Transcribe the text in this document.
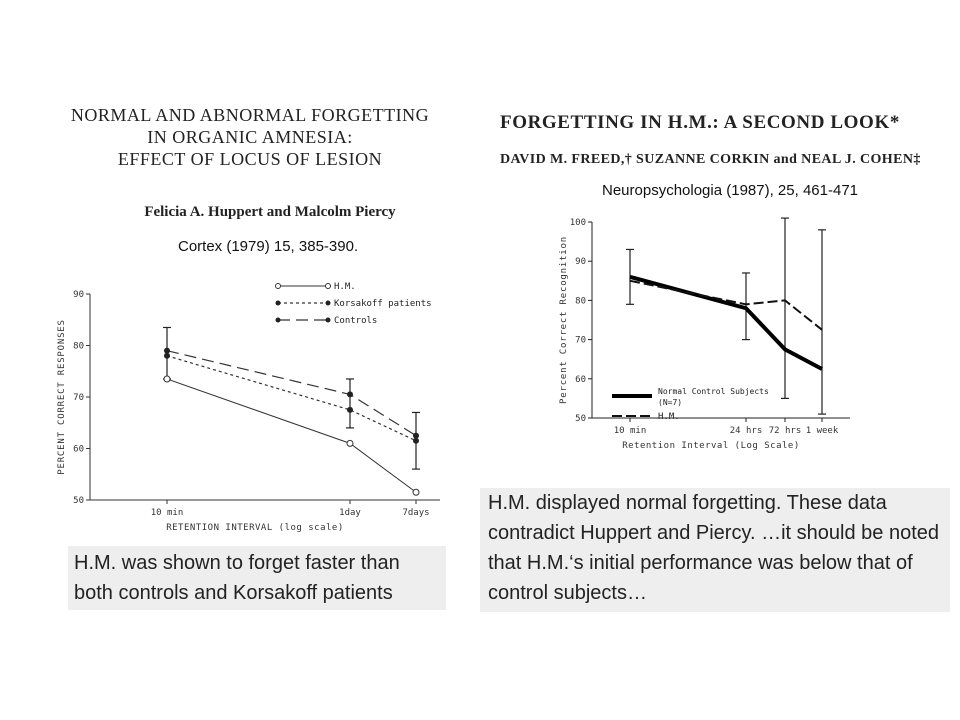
NORMAL AND ABNORMAL FORGETTING
IN ORGANIC AMNESIA:
EFFECT OF LOCUS OF LESION
Felicia A. Huppert and Malcolm Piercy
Cortex (1979) 15, 385-390.
FORGETTING IN H.M.: A SECOND LOOK*
DAVID M. FREED,† SUZANNE CORKIN and NEAL J. COHEN‡
Neuropsychologia (1987), 25, 461-471
50
60
70
80
90
10 min	1day	7days
RETENTION INTERVAL (log scale)
PERCENT CORRECT RESPONSES
H.M.
Korsakoff patients
Controls
50
60
70
80
90
100
10 min	24 hrs 72 hrs 1 week
Retention Interval (Log Scale)
Percent Correct Recognition	Normal Control Subjects
(N=7)
H.M.
H.M. was shown to forget faster than both controls and Korsakoff patients
H.M. displayed normal forgetting. These data contradict Huppert and Piercy. …it should be noted that H.M.‘s initial performance was below that of control subjects…
